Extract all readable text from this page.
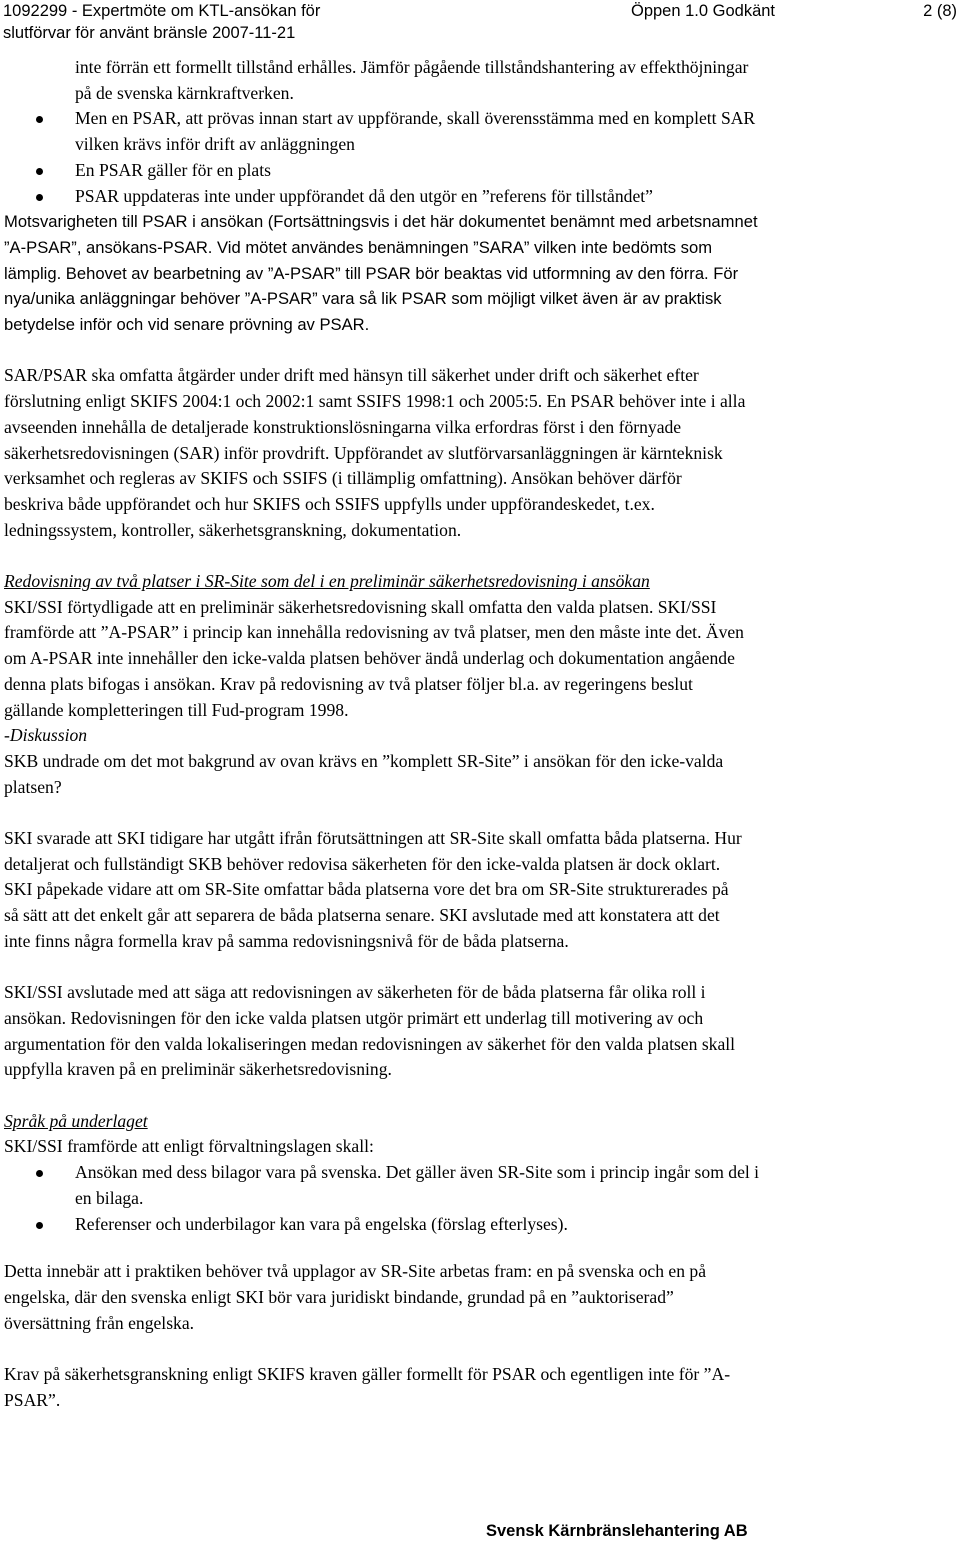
1092299 - Expertmöte om KTL-ansökan för
slutförvar för använt bränsle 2007-11-21
Öppen 1.0 Godkänt	2 (8)
inte förrän ett formellt tillstånd erhålles. Jämför pågående tillståndshantering av effekthöjningar
på de svenska kärnkraftverken.
Men en PSAR, att prövas innan start av uppförande, skall överensstämma med en komplett SAR
vilken krävs inför drift av anläggningen
En PSAR gäller för en plats
PSAR uppdateras inte under uppförandet då den utgör en ”referens för tillståndet”
Motsvarigheten till PSAR i ansökan (Fortsättningsvis i det här dokumentet benämnt med arbetsnamnet
”A-PSAR”, ansökans-PSAR. Vid mötet användes benämningen ”SARA” vilken inte bedömts som
lämplig. Behovet av bearbetning av ”A-PSAR” till PSAR bör beaktas vid utformning av den förra. För
nya/unika anläggningar behöver ”A-PSAR” vara så lik PSAR som möjligt vilket även är av praktisk
betydelse inför och vid senare prövning av PSAR.
SAR/PSAR ska omfatta åtgärder under drift med hänsyn till säkerhet under drift och säkerhet efter
förslutning enligt SKIFS 2004:1 och 2002:1 samt SSIFS 1998:1 och 2005:5. En PSAR behöver inte i alla
avseenden innehålla de detaljerade konstruktionslösningarna vilka erfordras först i den förnyade
säkerhetsredovisningen (SAR) inför provdrift. Uppförandet av slutförvarsanläggningen är kärnteknisk
verksamhet och regleras av SKIFS och SSIFS (i tillämplig omfattning). Ansökan behöver därför
beskriva både uppförandet och hur SKIFS och SSIFS uppfylls under uppförandeskedet, t.ex.
ledningssystem, kontroller, säkerhetsgranskning, dokumentation.
Redovisning av två platser i SR-Site som del i en preliminär säkerhetsredovisning i ansökan
SKI/SSI förtydligade att en preliminär säkerhetsredovisning skall omfatta den valda platsen. SKI/SSI
framförde att ”A-PSAR” i princip kan innehålla redovisning av två platser, men den måste inte det. Även
om A-PSAR inte innehåller den icke-valda platsen behöver ändå underlag och dokumentation angående
denna plats bifogas i ansökan. Krav på redovisning av två platser följer bl.a. av regeringens beslut
gällande kompletteringen till Fud-program 1998.
-Diskussion
SKB undrade om det mot bakgrund av ovan krävs en ”komplett SR-Site” i ansökan för den icke-valda
platsen?
SKI svarade att SKI tidigare har utgått ifrån förutsättningen att SR-Site skall omfatta båda platserna. Hur
detaljerat och fullständigt SKB behöver redovisa säkerheten för den icke-valda platsen är dock oklart.
SKI påpekade vidare att om SR-Site omfattar båda platserna vore det bra om SR-Site strukturerades på
så sätt att det enkelt går att separera de båda platserna senare. SKI avslutade med att konstatera att det
inte finns några formella krav på samma redovisningsnivå för de båda platserna.
SKI/SSI avslutade med att säga att redovisningen av säkerheten för de båda platserna får olika roll i
ansökan. Redovisningen för den icke valda platsen utgör primärt ett underlag till motivering av och
argumentation för den valda lokaliseringen medan redovisningen av säkerhet för den valda platsen skall
uppfylla kraven på en preliminär säkerhetsredovisning.
Språk på underlaget
SKI/SSI framförde att enligt förvaltningslagen skall:
Ansökan med dess bilagor vara på svenska. Det gäller även SR-Site som i princip ingår som del i
en bilaga.
Referenser och underbilagor kan vara på engelska (förslag efterlyses).
Detta innebär att i praktiken behöver två upplagor av SR-Site arbetas fram: en på svenska och en på
engelska, där den svenska enligt SKI bör vara juridiskt bindande, grundad på en ”auktoriserad”
översättning från engelska.
Krav på säkerhetsgranskning enligt SKIFS kraven gäller formellt för PSAR och egentligen inte för ”A-
PSAR”.
Svensk Kärnbränslehantering AB
